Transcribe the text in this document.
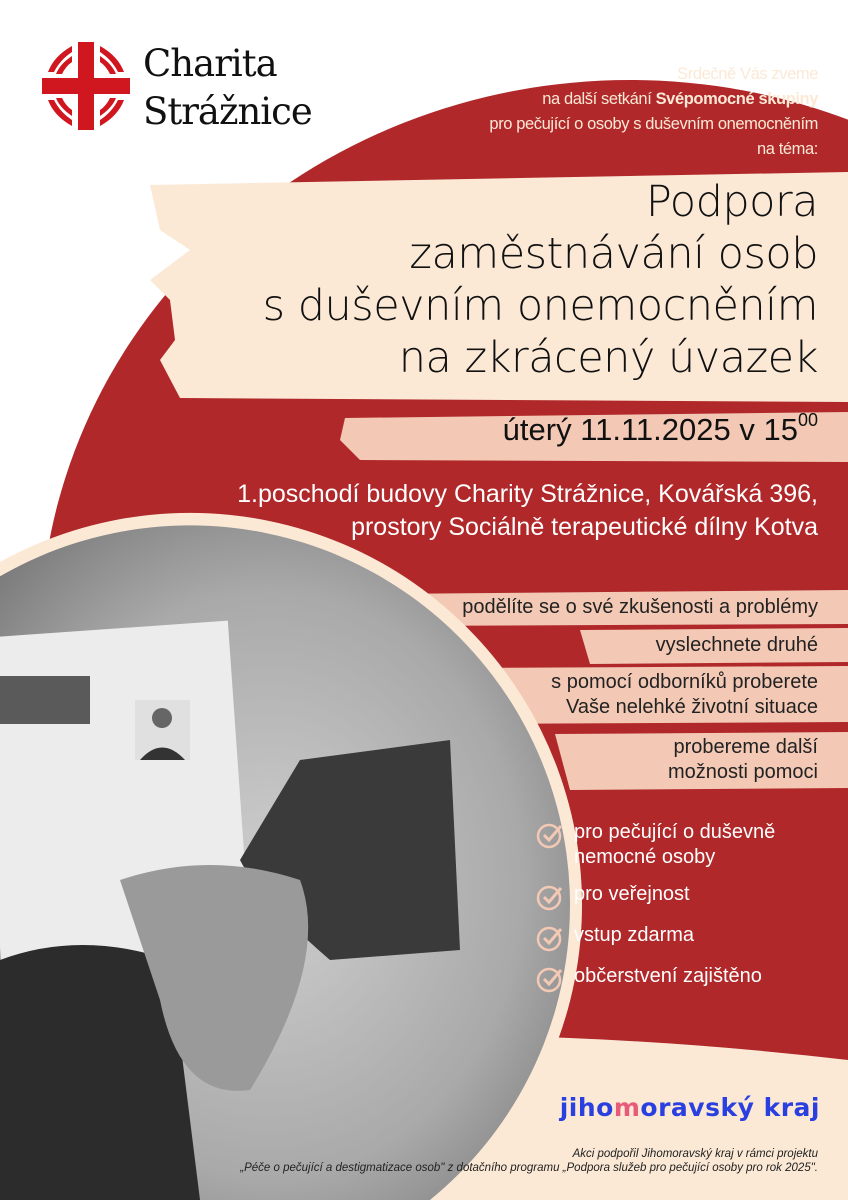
Charita
Strážnice
Srdečně Vás zveme
na další setkání Svépomocné skupiny
pro pečující o osoby s duševním onemocněním
na téma:
Podpora
zaměstnávání osob
s duševním onemocněním
na zkrácený úvazek
úterý 11.11.2025 v $15^{00}$
1.poschodí budovy Charity Strážnice, Kovářská 396,
prostory Sociálně terapeutické dílny Kotva
podělíte se o své zkušenosti a problémy
vyslechnete druhé
s pomocí odborníků proberete
Vaše nelehké životní situace
probereme další
možnosti pomoci
pro pečující o duševně
nemocné osoby
pro veřejnost
vstup zdarma
občerstvení zajištěno
jihomoravský kraj
Akci podpořil Jihomoravský kraj v rámci projektu
„Péče o pečující a destigmatizace osob" z dotačního programu „Podpora služeb pro pečující osoby pro rok 2025".
